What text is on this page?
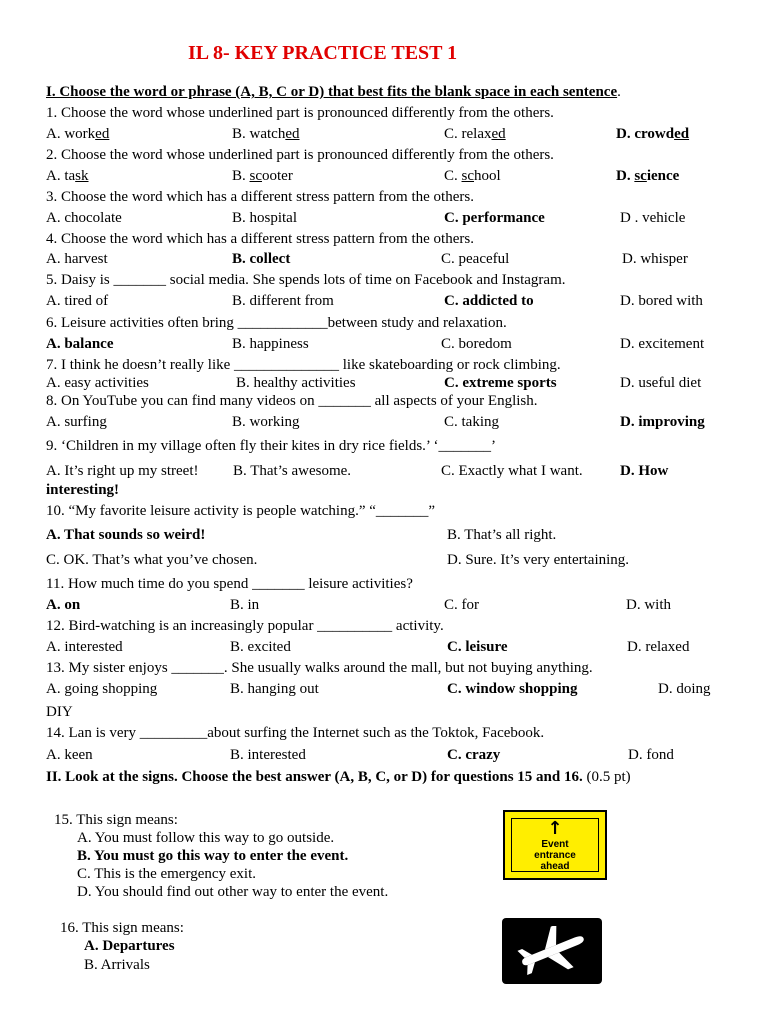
IL 8- KEY PRACTICE TEST 1
I. Choose the word or phrase (A, B, C or D) that best fits the blank space in each sentence.
1. Choose the word whose underlined part is pronounced differently from the others.
A. worked	B. watched	C. relaxed	D. crowded
2. Choose the word whose underlined part is pronounced differently from the others.
A. task	B. scooter	C. school	D. science
3. Choose the word which has a different stress pattern from the others.
A. chocolate	B. hospital	C. performance	D . vehicle
4. Choose the word which has a different stress pattern from the others.
A. harvest	B. collect	C. peaceful	D. whisper
5. Daisy is _______ social media. She spends lots of time on Facebook and Instagram.
A. tired of	B. different from	C. addicted to	D. bored with
6. Leisure activities often bring ____________between study and relaxation.
A. balance	B. happiness	C. boredom	D. excitement
7. I think he doesn’t really like ______________ like skateboarding or rock climbing.
A. easy activities	B. healthy activities	C. extreme sports	D. useful diet
8. On YouTube you can find many videos on _______ all aspects of your English.
A. surfing	B. working	C. taking	D. improving
9. ‘Children in my village often fly their kites in dry rice fields.’ ‘_______’
A. It’s right up my street! B. That’s awesome.	C. Exactly what I want. D. How
interesting!
10. “My favorite leisure activity is people watching.” “_______”
A. That sounds so weird!	B. That’s all right.
C. OK. That’s what you’ve chosen.	D. Sure. It’s very entertaining.
11. How much time do you spend _______ leisure activities?
A. on	B. in	C. for	D. with
12. Bird-watching is an increasingly popular __________ activity.
A. interested	B. excited	C. leisure	D. relaxed
13. My sister enjoys _______. She usually walks around the mall, but not buying anything.
A. going shopping	B. hanging out	C. window shopping	D. doing
DIY
14. Lan is very _________about surfing the Internet such as the Toktok, Facebook.
A. keen	B. interested	C. crazy	D. fond
II. Look at the signs. Choose the best answer (A, B, C, or D) for questions 15 and 16. (0.5 pt)
15. This sign means:
A. You must follow this way to go outside.
B. You must go this way to enter the event.
C. This is the emergency exit.
D. You should find out other way to enter the event.
↑
Event
entrance
ahead
16. This sign means:
A. Departures
B. Arrivals
